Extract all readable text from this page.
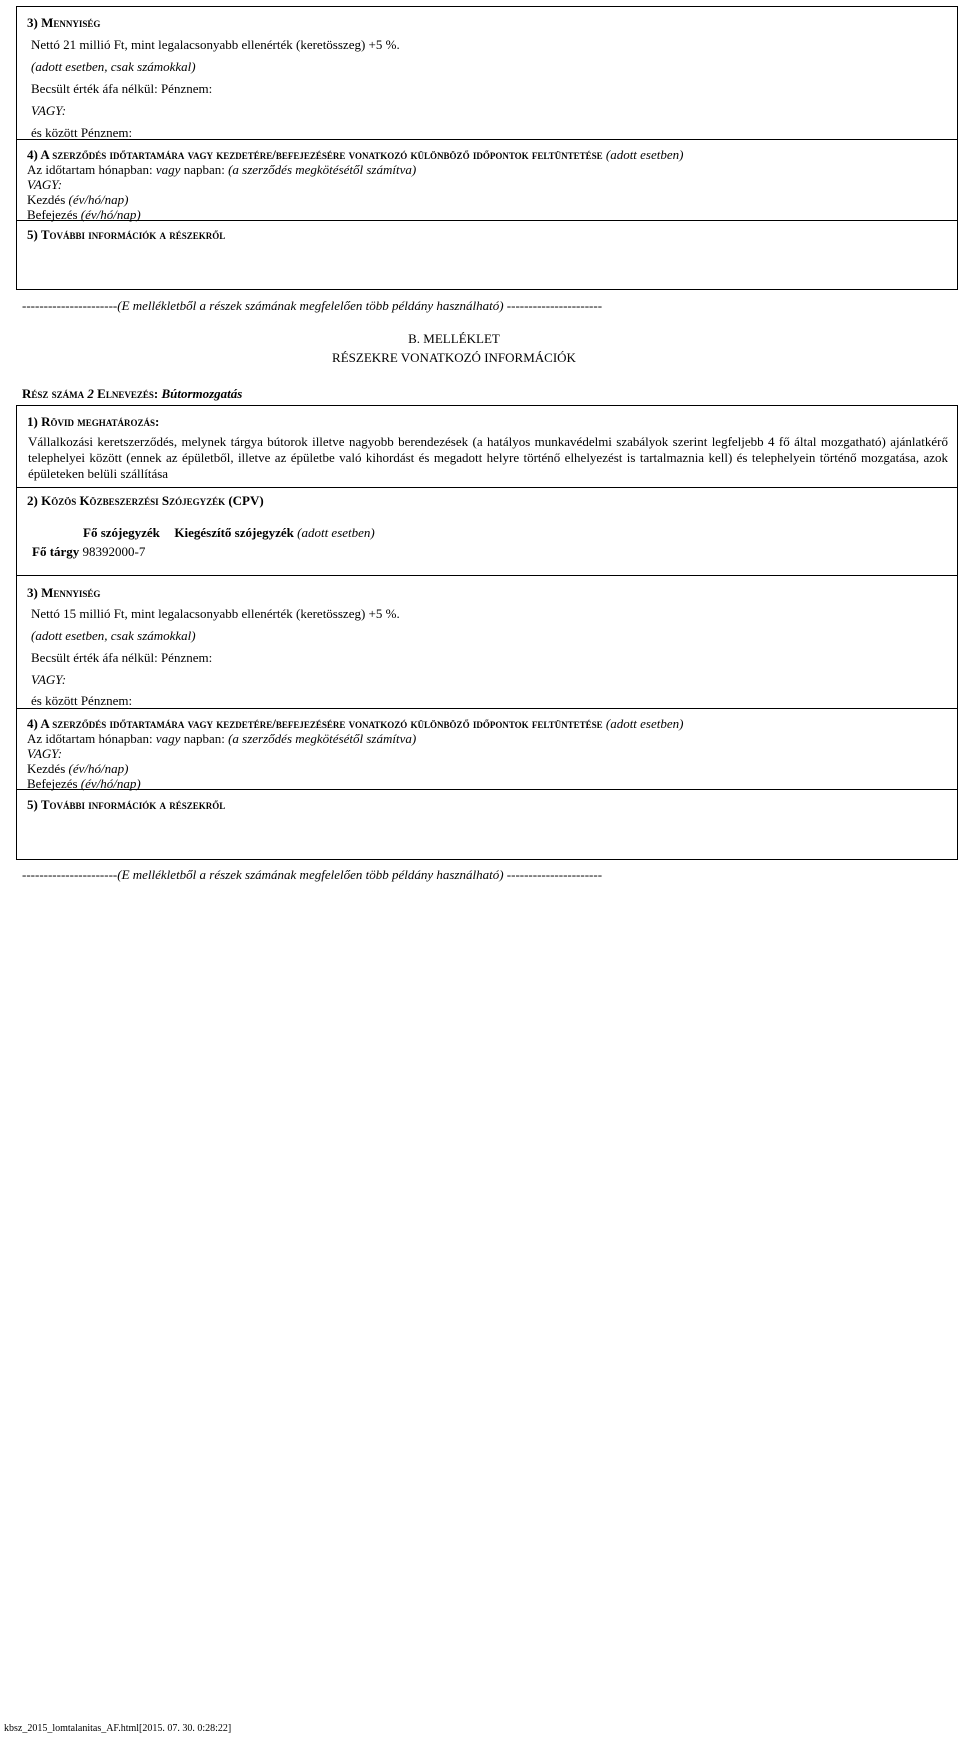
3) Mennyiség
Nettó 21 millió Ft, mint legalacsonyabb ellenérték (keretösszeg) +5 %.
(adott esetben, csak számokkal)
Becsült érték áfa nélkül: Pénznem:
VAGY:
és között Pénznem:
4) A szerződés időtartamára vagy kezdetére/befejezésére vonatkozó különböző időpontok feltüntetése (adott esetben)
Az időtartam hónapban: vagy napban: (a szerződés megkötésétől számítva)
VAGY:
Kezdés (év/hó/nap)
Befejezés (év/hó/nap)
5) További információk a részekről
----------------------(E mellékletből a részek számának megfelelően több példány használható) ----------------------
B. MELLÉKLET
RÉSZEKRE VONATKOZÓ INFORMÁCIÓK
Rész száma 2 Elnevezés: Bútormozgatás
1) Rövid meghatározás:
Vállalkozási keretszerződés, melynek tárgya bútorok illetve nagyobb berendezések (a hatályos munkavédelmi szabályok szerint legfeljebb 4 fő által mozgatható) ajánlatkérő telephelyei között (ennek az épületből, illetve az épületbe való kihordást és megadott helyre történő elhelyezést is tartalmaznia kell) és telephelyein történő mozgatása, azok épületeken belüli szállítása
2) Közös Közbeszerzési Szójegyzék (CPV)
Fő szójegyzék Kiegészítő szójegyzék (adott esetben)
Fő tárgy 98392000-7
3) Mennyiség
Nettó 15 millió Ft, mint legalacsonyabb ellenérték (keretösszeg) +5 %.
(adott esetben, csak számokkal)
Becsült érték áfa nélkül: Pénznem:
VAGY:
és között Pénznem:
4) A szerződés időtartamára vagy kezdetére/befejezésére vonatkozó különböző időpontok feltüntetése (adott esetben)
Az időtartam hónapban: vagy napban: (a szerződés megkötésétől számítva)
VAGY:
Kezdés (év/hó/nap)
Befejezés (év/hó/nap)
5) További információk a részekről
----------------------(E mellékletből a részek számának megfelelően több példány használható) ----------------------
kbsz_2015_lomtalanitas_AF.html[2015. 07. 30. 0:28:22]
